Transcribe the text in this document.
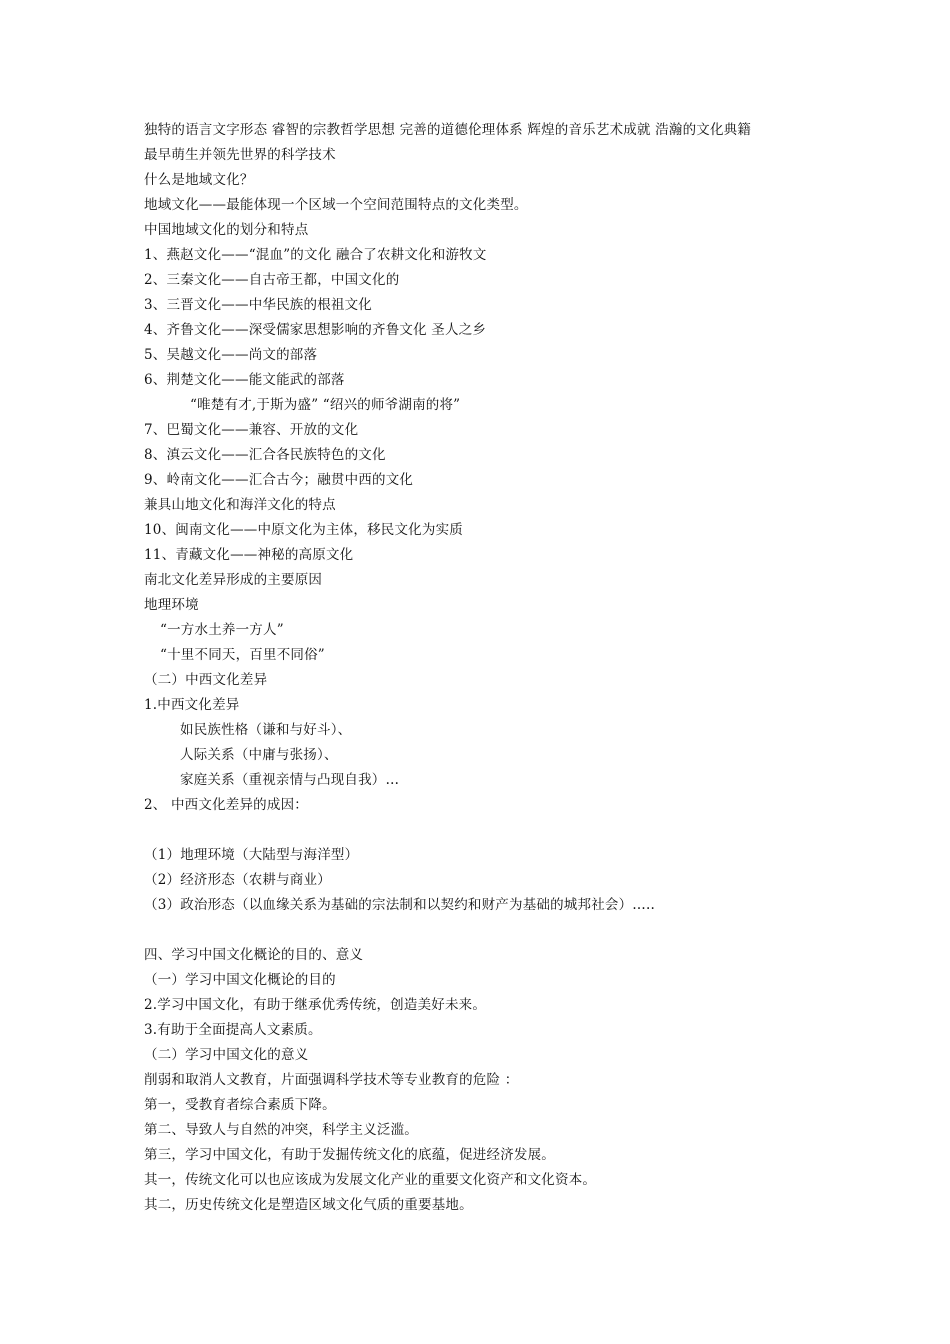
独特的语言文字形态 睿智的宗教哲学思想 完善的道德伦理体系 辉煌的音乐艺术成就 浩瀚的文化典籍
最早萌生并领先世界的科学技术
什么是地域文化？
地域文化——最能体现一个区域一个空间范围特点的文化类型。
中国地域文化的划分和特点
1、燕赵文化——“混血”的文化 融合了农耕文化和游牧文
2、三秦文化——自古帝王都，中国文化的
3、三晋文化——中华民族的根祖文化
4、齐鲁文化——深受儒家思想影响的齐鲁文化 圣人之乡
5、吴越文化——尚文的部落
6、荆楚文化——能文能武的部落
“唯楚有才,于斯为盛” “绍兴的师爷湖南的将”
7、巴蜀文化——兼容、开放的文化
8、滇云文化——汇合各民族特色的文化
9、岭南文化——汇合古今；融贯中西的文化
兼具山地文化和海洋文化的特点
10、闽南文化——中原文化为主体，移民文化为实质
11、青藏文化——神秘的高原文化
南北文化差异形成的主要原因
地理环境
“一方水土养一方人”
“十里不同天，百里不同俗”
（二）中西文化差异
1.中西文化差异
如民族性格（谦和与好斗）、
人际关系（中庸与张扬）、
家庭关系（重视亲情与凸现自我）…
2、 中西文化差异的成因：
（1）地理环境（大陆型与海洋型）
（2）经济形态（农耕与商业）
（3）政治形态（以血缘关系为基础的宗法制和以契约和财产为基础的城邦社会）…..
四、学习中国文化概论的目的、意义
（一）学习中国文化概论的目的
2.学习中国文化，有助于继承优秀传统，创造美好未来。
3.有助于全面提高人文素质。
（二）学习中国文化的意义
削弱和取消人文教育，片面强调科学技术等专业教育的危险 ：
第一，受教育者综合素质下降。
第二、导致人与自然的冲突，科学主义泛滥。
第三，学习中国文化，有助于发掘传统文化的底蕴，促进经济发展。
其一，传统文化可以也应该成为发展文化产业的重要文化资产和文化资本。
其二，历史传统文化是塑造区域文化气质的重要基地。
